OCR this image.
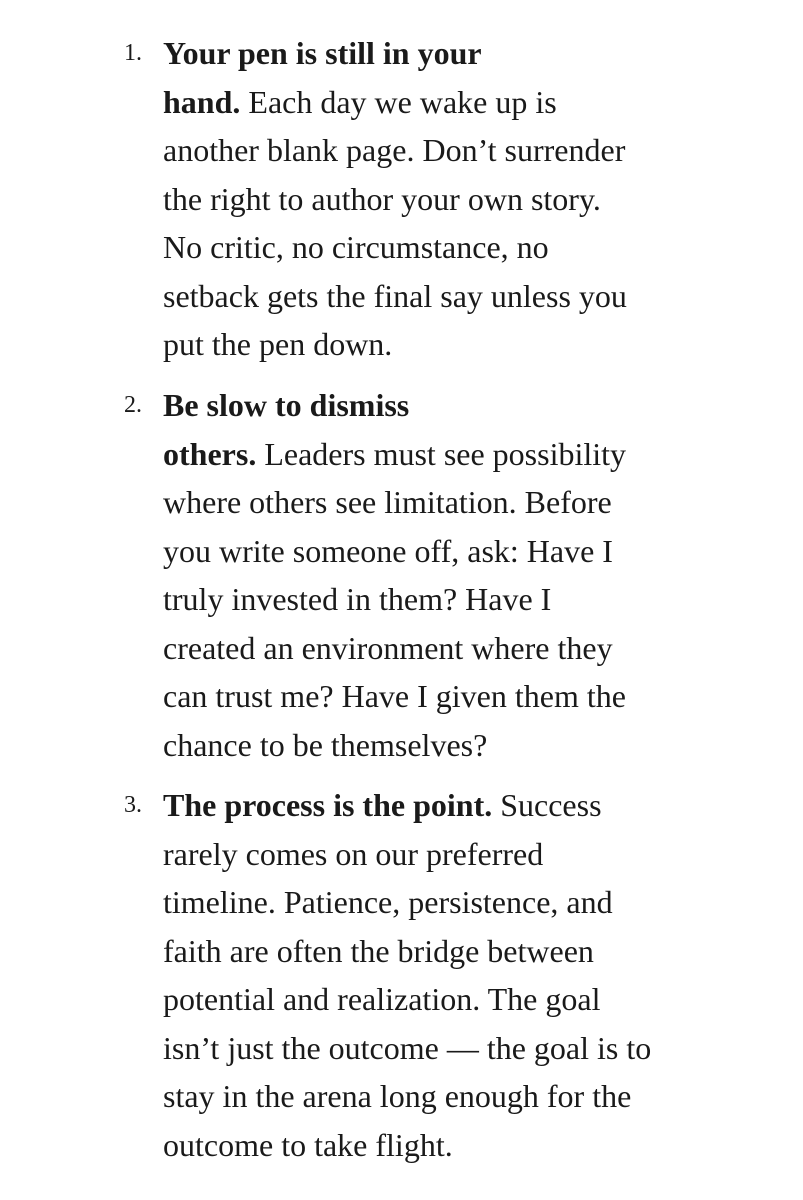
1. Your pen is still in your
hand. Each day we wake up is
another blank page. Don’t surrender
the right to author your own story.
No critic, no circumstance, no
setback gets the final say unless you
put the pen down.
2. Be slow to dismiss
others. Leaders must see possibility
where others see limitation. Before
you write someone off, ask: Have I
truly invested in them? Have I
created an environment where they
can trust me? Have I given them the
chance to be themselves?
3. The process is the point. Success
rarely comes on our preferred
timeline. Patience, persistence, and
faith are often the bridge between
potential and realization. The goal
isn’t just the outcome — the goal is to
stay in the arena long enough for the
outcome to take flight.
